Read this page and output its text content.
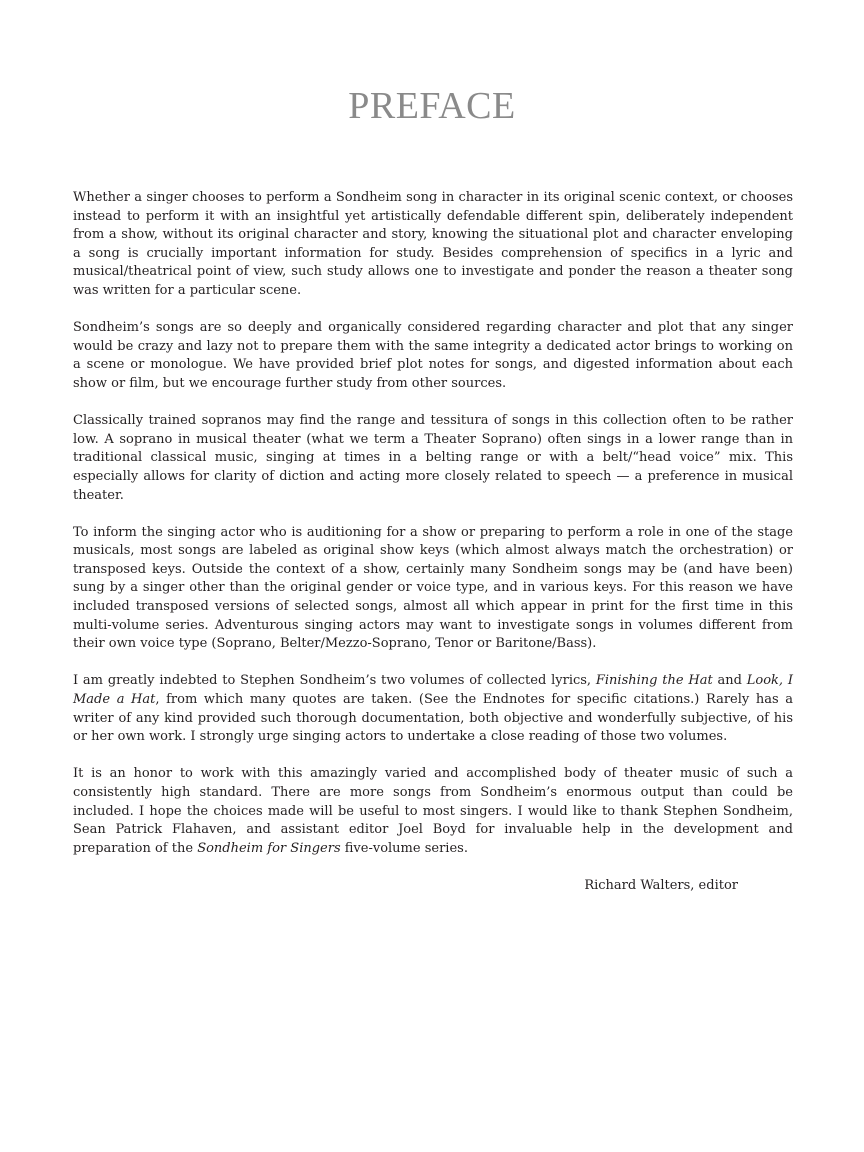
PREFACE

Whether a singer chooses to perform a Sondheim song in character in its original scenic context, or chooses instead to perform it with an insightful yet artistically defendable different spin, deliberately independent from a show, without its original character and story, knowing the situational plot and character enveloping a song is crucially important information for study. Besides comprehension of specifics in a lyric and musical/theatrical point of view, such study allows one to investigate and ponder the reason a theater song was written for a particular scene.

Sondheim’s songs are so deeply and organically considered regarding character and plot that any singer would be crazy and lazy not to prepare them with the same integrity a dedicated actor brings to working on a scene or monologue. We have provided brief plot notes for songs, and digested information about each show or film, but we encourage further study from other sources.

Classically trained sopranos may find the range and tessitura of songs in this collection often to be rather low. A soprano in musical theater (what we term a Theater Soprano) often sings in a lower range than in traditional classical music, singing at times in a belting range or with a belt/“head voice” mix. This especially allows for clarity of diction and acting more closely related to speech — a preference in musical theater.

To inform the singing actor who is auditioning for a show or preparing to perform a role in one of the stage musicals, most songs are labeled as original show keys (which almost always match the orchestration) or transposed keys. Outside the context of a show, certainly many Sondheim songs may be (and have been) sung by a singer other than the original gender or voice type, and in various keys. For this reason we have included transposed versions of selected songs, almost all which appear in print for the first time in this multi-volume series. Adventurous singing actors may want to investigate songs in volumes different from their own voice type (Soprano, Belter/Mezzo-Soprano, Tenor or Baritone/Bass).

I am greatly indebted to Stephen Sondheim’s two volumes of collected lyrics, Finishing the Hat and Look, I Made a Hat, from which many quotes are taken. (See the Endnotes for specific citations.) Rarely has a writer of any kind provided such thorough documentation, both objective and wonderfully subjective, of his or her own work. I strongly urge singing actors to undertake a close reading of those two volumes.

It is an honor to work with this amazingly varied and accomplished body of theater music of such a consistently high standard. There are more songs from Sondheim’s enormous output than could be included. I hope the choices made will be useful to most singers. I would like to thank Stephen Sondheim, Sean Patrick Flahaven, and assistant editor Joel Boyd for invaluable help in the development and preparation of the Sondheim for Singers five-volume series.

Richard Walters, editor
